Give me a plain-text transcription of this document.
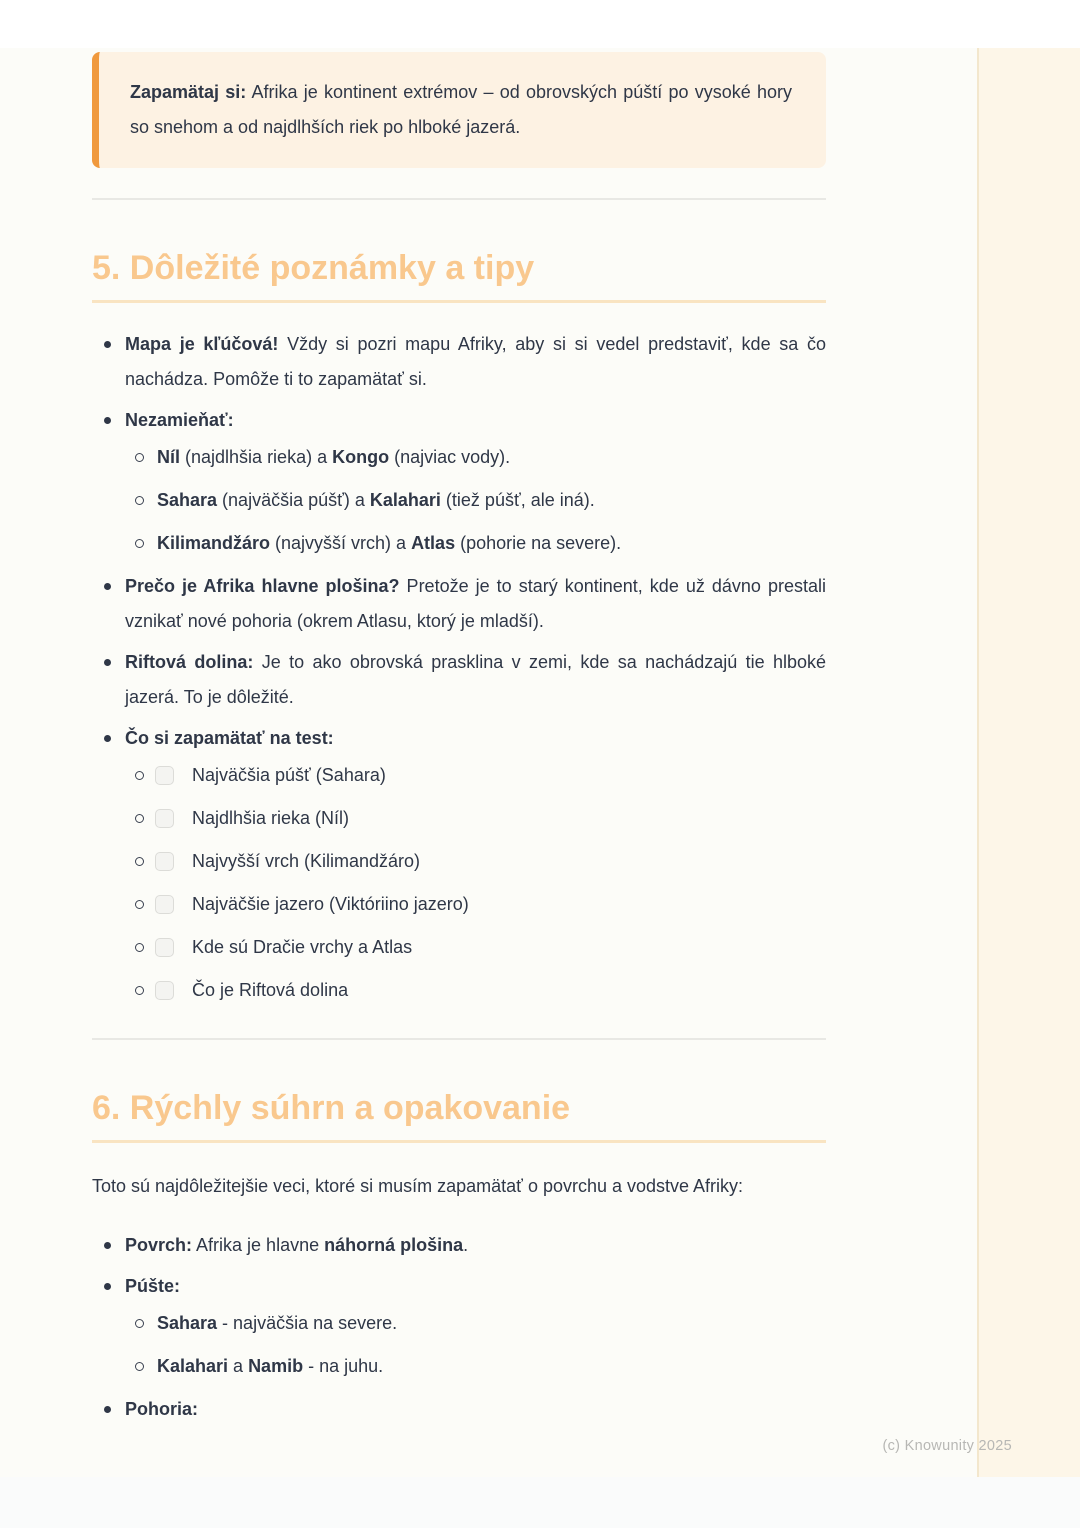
Zapamätaj si: Afrika je kontinent extrémov – od obrovských púští po vysoké hory so snehom a od najdlhších riek po hlboké jazerá.

5. Dôležité poznámky a tipy
Mapa je kľúčová! Vždy si pozri mapu Afriky, aby si si vedel predstaviť, kde sa čo nachádza. Pomôže ti to zapamätať si.
Nezamieňať:
Níl (najdlhšia rieka) a Kongo (najviac vody).
Sahara (najväčšia púšť) a Kalahari (tiež púšť, ale iná).
Kilimandžáro (najvyšší vrch) a Atlas (pohorie na severe).
Prečo je Afrika hlavne plošina? Pretože je to starý kontinent, kde už dávno prestali vznikať nové pohoria (okrem Atlasu, ktorý je mladší).
Riftová dolina: Je to ako obrovská prasklina v zemi, kde sa nachádzajú tie hlboké jazerá. To je dôležité.
Čo si zapamätať na test:
Najväčšia púšť (Sahara)
Najdlhšia rieka (Níl)
Najvyšší vrch (Kilimandžáro)
Najväčšie jazero (Viktóriino jazero)
Kde sú Dračie vrchy a Atlas
Čo je Riftová dolina
6. Rýchly súhrn a opakovanie

Toto sú najdôležitejšie veci, ktoré si musím zapamätať o povrchu a vodstve Afriky:

Povrch: Afrika je hlavne náhorná plošina.
Púšte:
Sahara - najväčšia na severe.
Kalahari a Namib - na juhu.
Pohoria:
(c) Knowunity 2025
